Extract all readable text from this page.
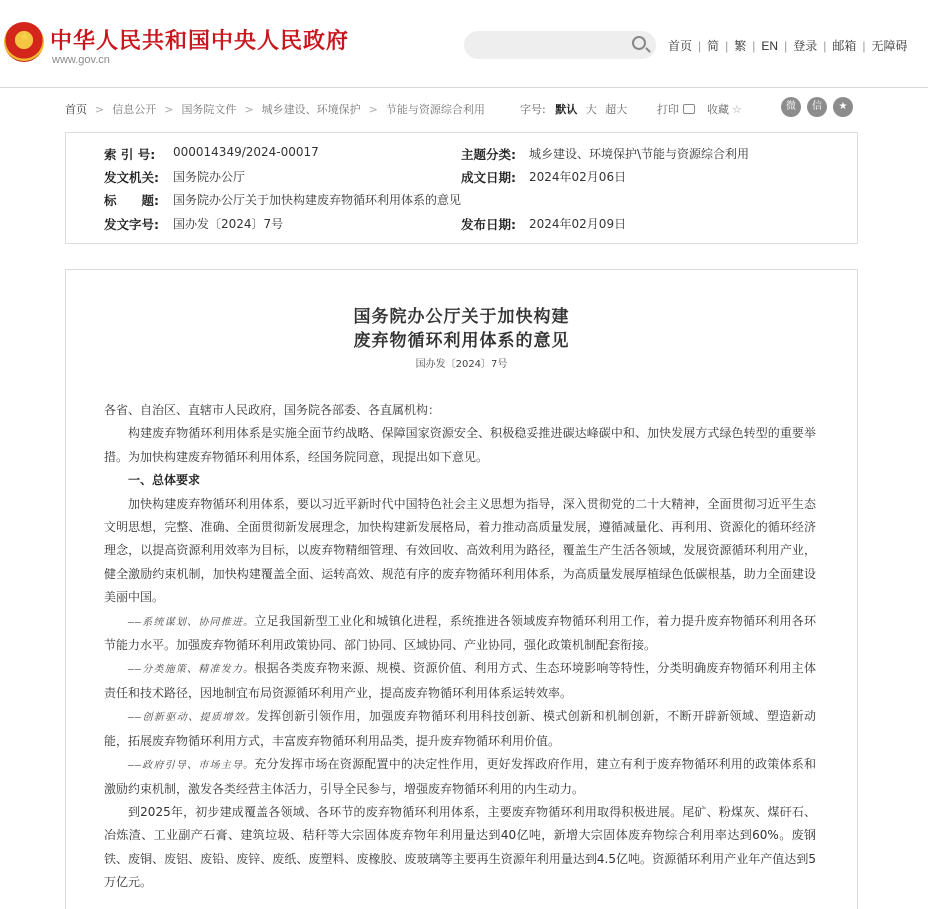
★ 中华人民共和国中央人民政府
www.gov.cn
首页 | 简 | 繁 | EN | 登录 | 邮箱 | 无障碍
首页 > 信息公开 > 国务院文件 > 城乡建设、环境保护 > 节能与资源综合利用	字号: 默认 大 超大	打印	收藏 ☆	微 信 ★
索 引 号: 000014349/2024-00017	主题分类: 城乡建设、环境保护\节能与资源综合利用
发文机关: 国务院办公厅	成文日期: 2024年02月06日
标　　题: 国务院办公厅关于加快构建废弃物循环利用体系的意见
发文字号: 国办发〔2024〕7号	发布日期: 2024年02月09日
国务院办公厅关于加快构建
废弃物循环利用体系的意见
国办发〔2024〕7号

各省、自治区、直辖市人民政府，国务院各部委、各直属机构：

构建废弃物循环利用体系是实施全面节约战略、保障国家资源安全、积极稳妥推进碳达峰碳中和、加快发展方式绿色转型的重要举措。为加快构建废弃物循环利用体系，经国务院同意，现提出如下意见。

一、总体要求

加快构建废弃物循环利用体系，要以习近平新时代中国特色社会主义思想为指导，深入贯彻党的二十大精神，全面贯彻习近平生态文明思想，完整、准确、全面贯彻新发展理念，加快构建新发展格局，着力推动高质量发展，遵循减量化、再利用、资源化的循环经济理念，以提高资源利用效率为目标，以废弃物精细管理、有效回收、高效利用为路径，覆盖生产生活各领域，发展资源循环利用产业，健全激励约束机制，加快构建覆盖全面、运转高效、规范有序的废弃物循环利用体系，为高质量发展厚植绿色低碳根基，助力全面建设美丽中国。

——系统谋划、协同推进。立足我国新型工业化和城镇化进程，系统推进各领域废弃物循环利用工作，着力提升废弃物循环利用各环节能力水平。加强废弃物循环利用政策协同、部门协同、区域协同、产业协同，强化政策机制配套衔接。

——分类施策、精准发力。根据各类废弃物来源、规模、资源价值、利用方式、生态环境影响等特性，分类明确废弃物循环利用主体责任和技术路径，因地制宜布局资源循环利用产业，提高废弃物循环利用体系运转效率。

——创新驱动、提质增效。发挥创新引领作用，加强废弃物循环利用科技创新、模式创新和机制创新，不断开辟新领域、塑造新动能，拓展废弃物循环利用方式，丰富废弃物循环利用品类，提升废弃物循环利用价值。

——政府引导、市场主导。充分发挥市场在资源配置中的决定性作用，更好发挥政府作用，建立有利于废弃物循环利用的政策体系和激励约束机制，激发各类经营主体活力，引导全民参与，增强废弃物循环利用的内生动力。

到2025年，初步建成覆盖各领域、各环节的废弃物循环利用体系，主要废弃物循环利用取得积极进展。尾矿、粉煤灰、煤矸石、冶炼渣、工业副产石膏、建筑垃圾、秸秆等大宗固体废弃物年利用量达到40亿吨，新增大宗固体废弃物综合利用率达到60%。废钢铁、废铜、废铝、废铅、废锌、废纸、废塑料、废橡胶、废玻璃等主要再生资源年利用量达到4.5亿吨。资源循环利用产业年产值达到5万亿元。
